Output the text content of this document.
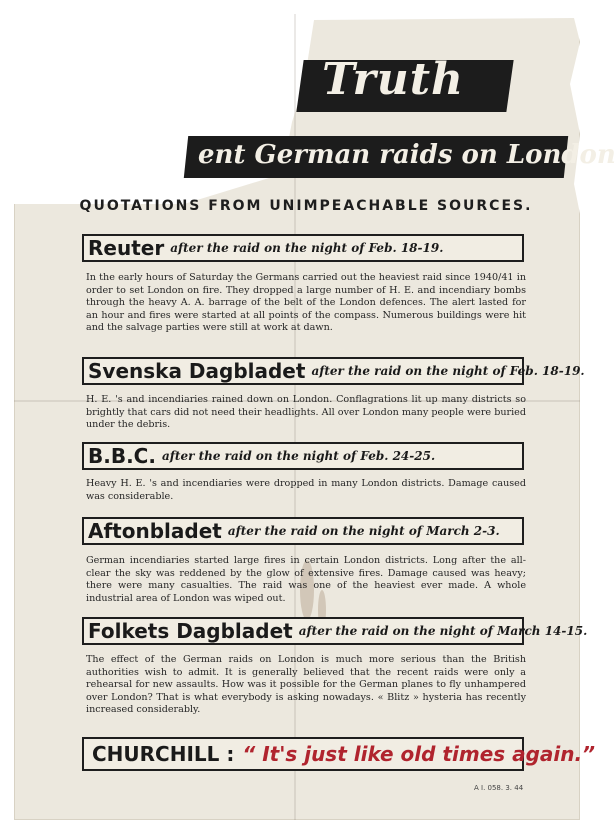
Truth
ent German raids on London
QUOTATIONS FROM UNIMPEACHABLE SOURCES.
Reuter after the raid on the night of Feb. 18-19.
In the early hours of Saturday the Germans carried out the heaviest raid since 1940/41 in order to set London on fire. They dropped a large number of H. E. and incendiary bombs through the heavy A. A. barrage of the belt of the London defences. The alert lasted for an hour and fires were started at all points of the compass. Numerous buildings were hit and the salvage parties were still at work at dawn.
Svenska Dagbladet after the raid on the night of Feb. 18-19.
H. E. 's and incendiaries rained down on London. Conflagrations lit up many districts so brightly that cars did not need their headlights. All over London many people were buried under the debris.
B.B.C. after the raid on the night of Feb. 24-25.
Heavy H. E. 's and incendiaries were dropped in many London districts. Damage caused was considerable.
Aftonbladet after the raid on the night of March 2-3.
German incendiaries started large fires in certain London districts. Long after the all-clear the sky was reddened by the glow of extensive fires. Damage caused was heavy; there were many casualties. The raid was one of the heaviest ever made. A whole industrial area of London was wiped out.
Folkets Dagbladet after the raid on the night of March 14-15.
The effect of the German raids on London is much more serious than the British authorities wish to admit. It is generally believed that the recent raids were only a rehearsal for new assaults. How was it possible for the German planes to fly unhampered over London? That is what everybody is asking nowadays. « Blitz » hysteria has recently increased considerably.
CHURCHILL : “ It's just like old times again.”
A I. 058. 3. 44
